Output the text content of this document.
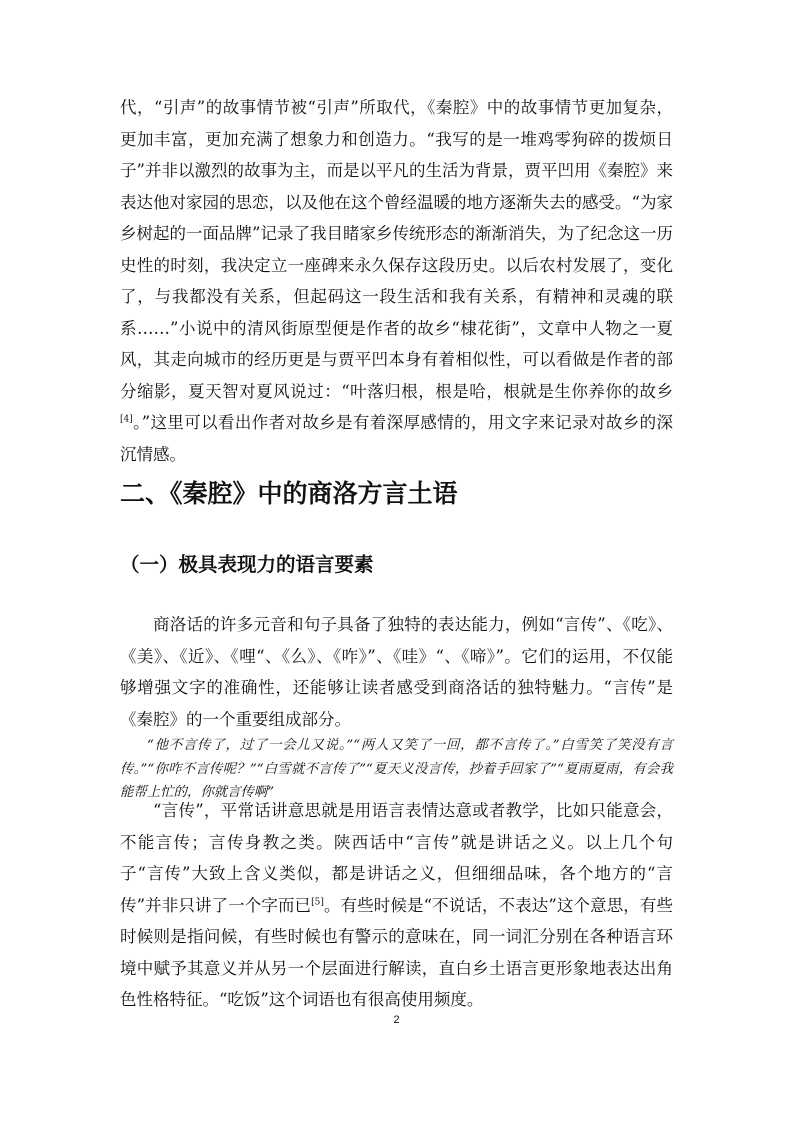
代，“引声”的故事情节被“引声”所取代，《秦腔》中的故事情节更加复杂，更加丰富，更加充满了想象力和创造力。“我写的是一堆鸡零狗碎的拨烦日子”并非以激烈的故事为主，而是以平凡的生活为背景，贾平凹用《秦腔》来表达他对家园的思恋，以及他在这个曾经温暖的地方逐渐失去的感受。“为家乡树起的一面品牌”记录了我目睹家乡传统形态的渐渐消失，为了纪念这一历史性的时刻，我决定立一座碑来永久保存这段历史。以后农村发展了，变化了，与我都没有关系，但起码这一段生活和我有关系，有精神和灵魂的联系……”小说中的清风街原型便是作者的故乡“棣花街”，文章中人物之一夏风，其走向城市的经历更是与贾平凹本身有着相似性，可以看做是作者的部分缩影，夏天智对夏风说过：“叶落归根，根是哈，根就是生你养你的故乡[4]。”这里可以看出作者对故乡是有着深厚感情的，用文字来记录对故乡的深沉情感。

二、《秦腔》中的商洛方言土语
（一）极具表现力的语言要素

商洛话的许多元音和句子具备了独特的表达能力，例如“言传”、《吃》、《美》、《近》、《哩“、《么》、《咋》”、《哇》“、《啼》”。它们的运用，不仅能够增强文字的准确性，还能够让读者感受到商洛话的独特魅力。“言传”是《秦腔》的一个重要组成部分。

“他不言传了，过了一会儿又说。”“两人又笑了一回，都不言传了。”白雪笑了笑没有言传。”“你咋不言传呢？”“白雪就不言传了”“夏天义没言传，抄着手回家了”“夏雨夏雨，有会我能帮上忙的，你就言传啊”

“言传”，平常话讲意思就是用语言表情达意或者教学，比如只能意会，不能言传；言传身教之类。陕西话中“言传”就是讲话之义。以上几个句子“言传”大致上含义类似，都是讲话之义，但细细品味，各个地方的“言传”并非只讲了一个字而已[5]。有些时候是“不说话，不表达”这个意思，有些时候则是指问候，有些时候也有警示的意味在，同一词汇分别在各种语言环境中赋予其意义并从另一个层面进行解读，直白乡土语言更形象地表达出角色性格特征。“吃饭”这个词语也有很高使用频度。

2
